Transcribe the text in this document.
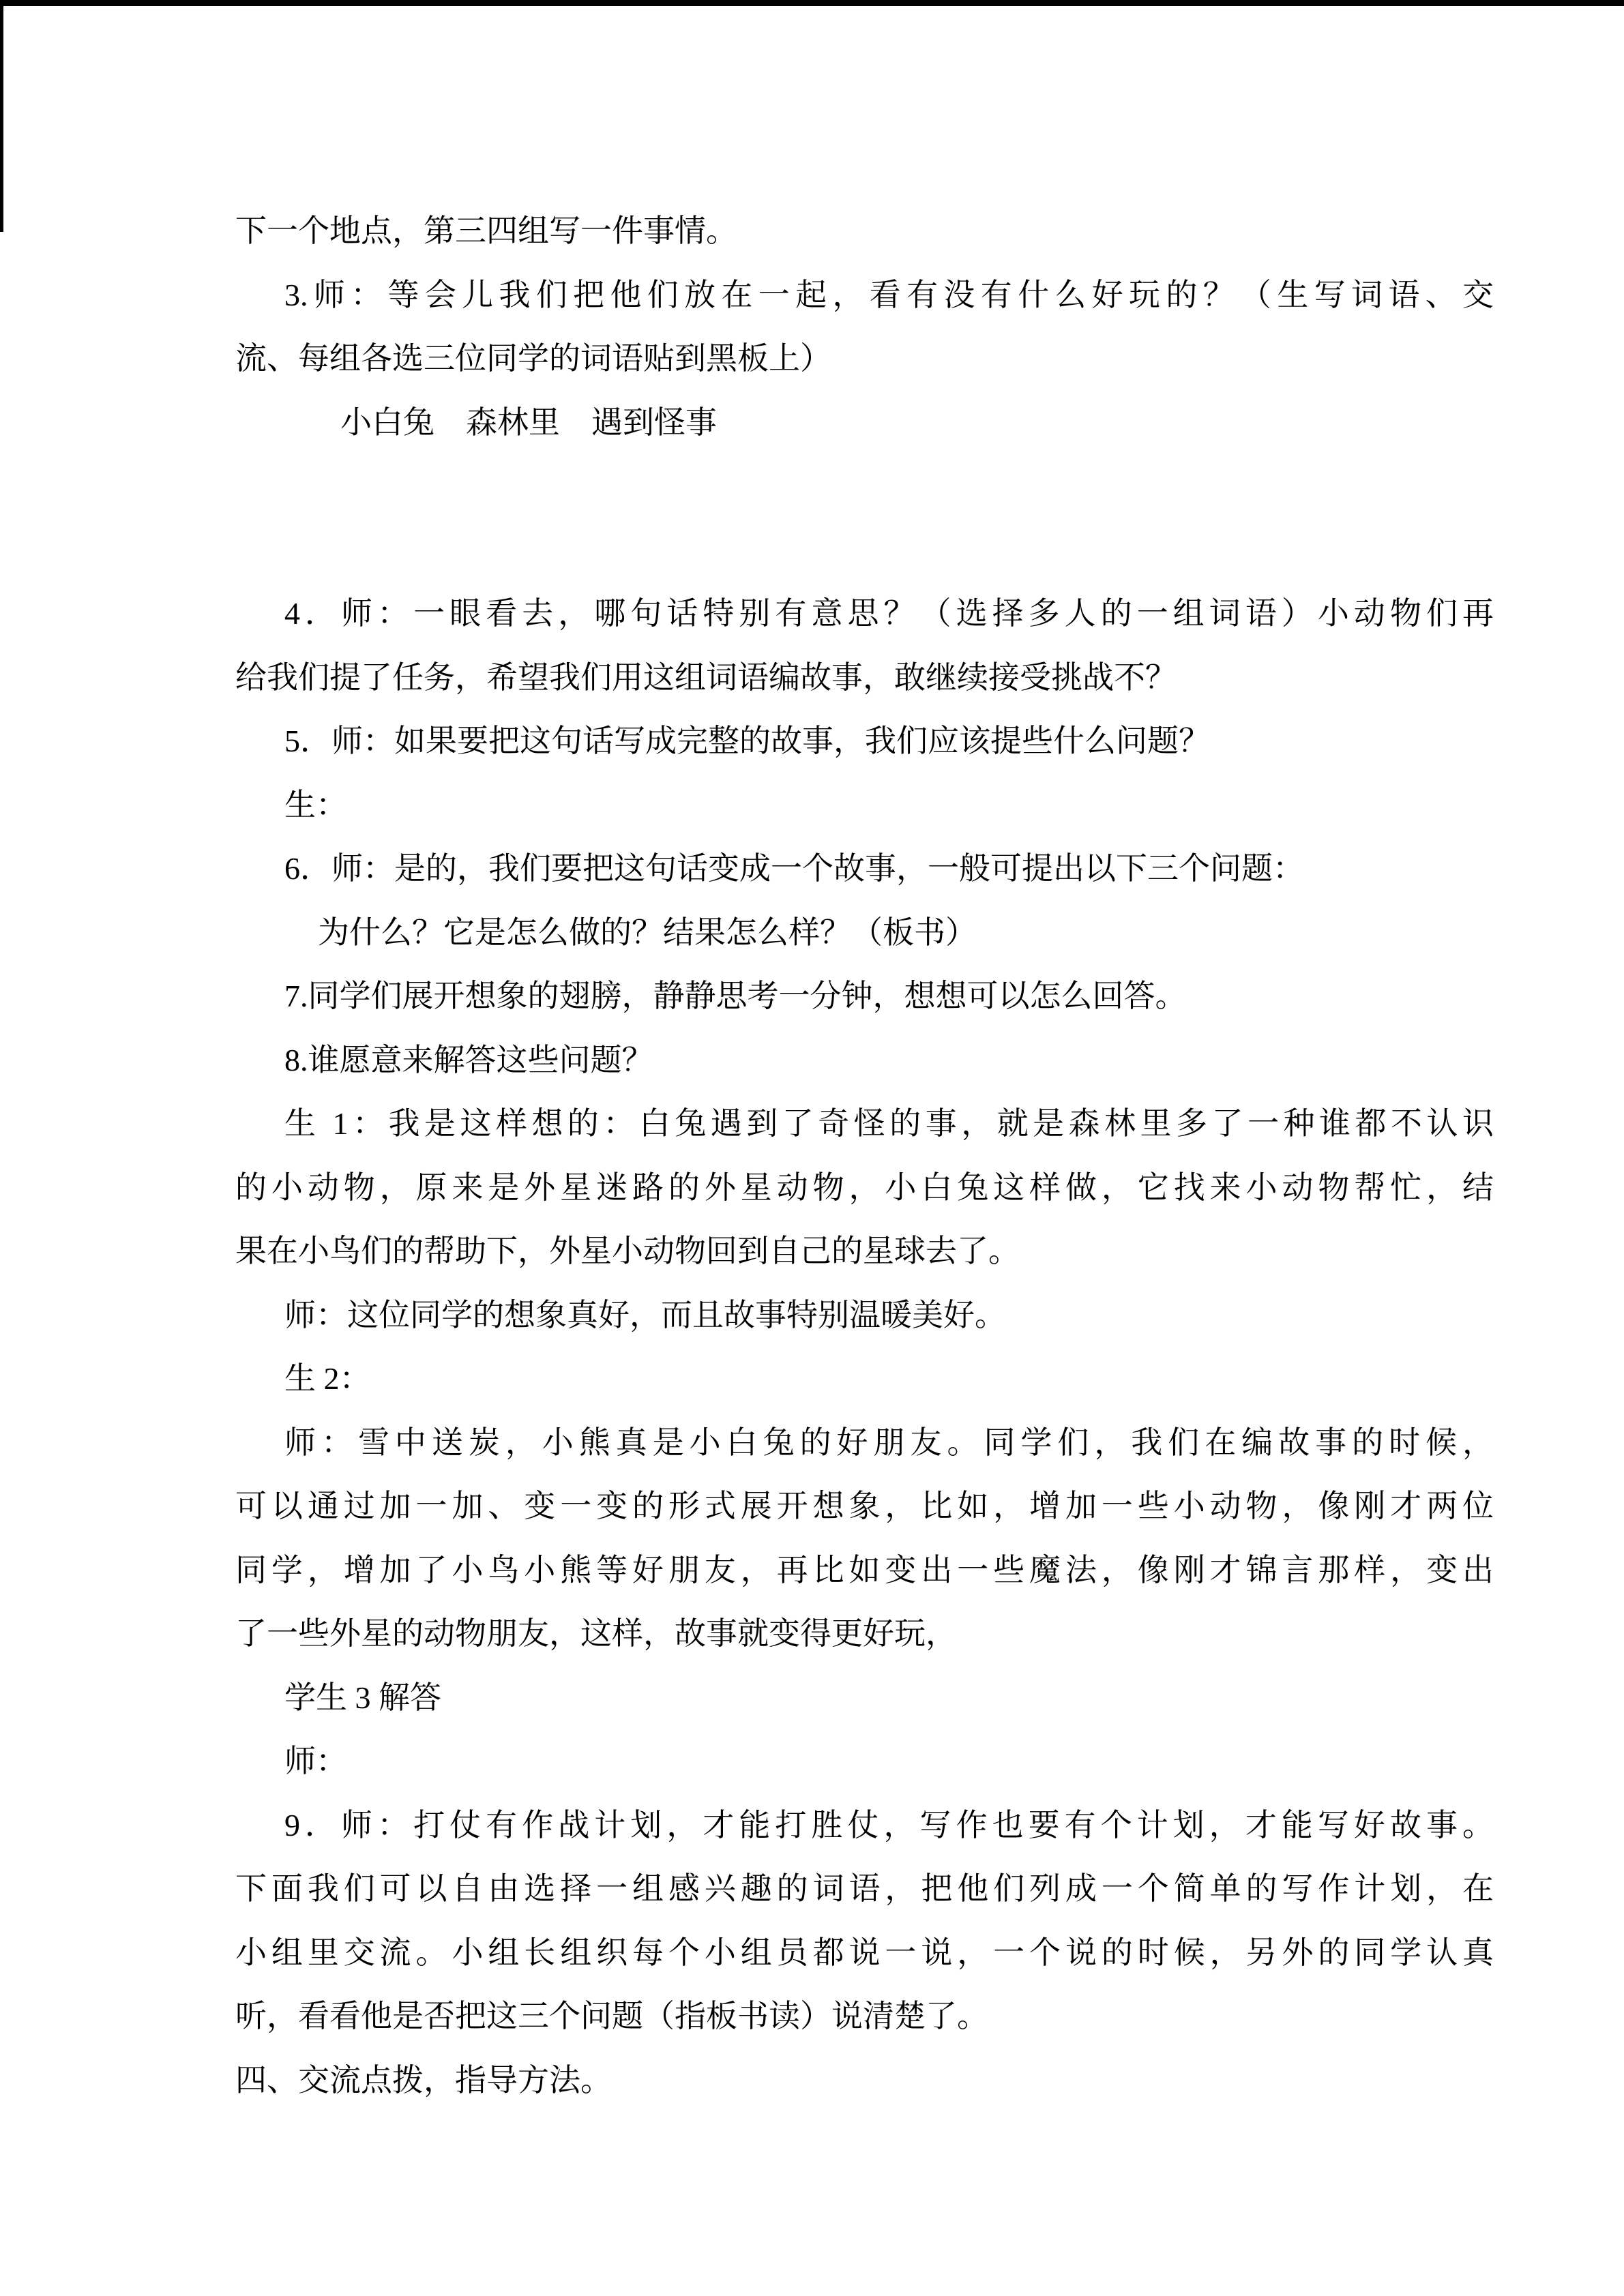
下一个地点，第三四组写一件事情。
3.师：等会儿我们把他们放在一起，看有没有什么好玩的？（生写词语、交
流、每组各选三位同学的词语贴到黑板上）
小白兔　森林里　遇到怪事
4．师：一眼看去，哪句话特别有意思？（选择多人的一组词语）小动物们再
给我们提了任务，希望我们用这组词语编故事，敢继续接受挑战不？
5．师：如果要把这句话写成完整的故事，我们应该提些什么问题？
生：
6．师：是的，我们要把这句话变成一个故事，一般可提出以下三个问题：
为什么？它是怎么做的？结果怎么样？（板书）
7.同学们展开想象的翅膀，静静思考一分钟，想想可以怎么回答。
8.谁愿意来解答这些问题？
生 1：我是这样想的：白兔遇到了奇怪的事，就是森林里多了一种谁都不认识
的小动物，原来是外星迷路的外星动物，小白兔这样做，它找来小动物帮忙，结
果在小鸟们的帮助下，外星小动物回到自己的星球去了。
师：这位同学的想象真好，而且故事特别温暖美好。
生 2：
师：雪中送炭，小熊真是小白兔的好朋友。同学们，我们在编故事的时候，
可以通过加一加、变一变的形式展开想象，比如，增加一些小动物，像刚才两位
同学，增加了小鸟小熊等好朋友，再比如变出一些魔法，像刚才锦言那样，变出
了一些外星的动物朋友，这样，故事就变得更好玩，
学生 3 解答
师：
9．师：打仗有作战计划，才能打胜仗，写作也要有个计划，才能写好故事。
下面我们可以自由选择一组感兴趣的词语，把他们列成一个简单的写作计划，在
小组里交流。小组长组织每个小组员都说一说，一个说的时候，另外的同学认真
听，看看他是否把这三个问题（指板书读）说清楚了。
四、交流点拨，指导方法。
